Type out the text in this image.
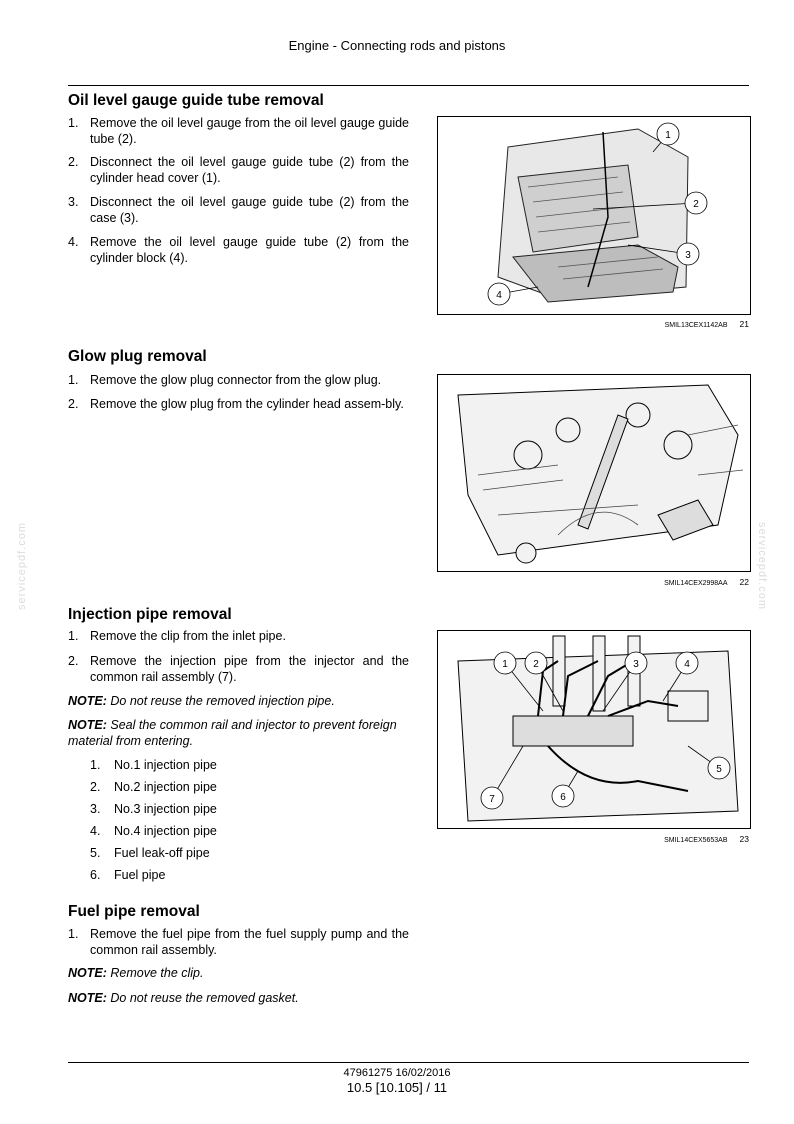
Engine - Connecting rods and pistons
Oil level gauge guide tube removal
1. Remove the oil level gauge from the oil level gauge guide tube (2).
2. Disconnect the oil level gauge guide tube (2) from the cylinder head cover (1).
3. Disconnect the oil level gauge guide tube (2) from the case (3).
4. Remove the oil level gauge guide tube (2) from the cylinder block (4).
1
2
3
4
SMIL13CEX1142AB 21
Glow plug removal
1. Remove the glow plug connector from the glow plug.
2. Remove the glow plug from the cylinder head assem-bly.
SMIL14CEX2998AA 22
Injection pipe removal
1. Remove the clip from the inlet pipe.
2. Remove the injection pipe from the injector and the common rail assembly (7).
NOTE: Do not reuse the removed injection pipe.
NOTE: Seal the common rail and injector to prevent foreign material from entering.
1. No.1 injection pipe
2. No.2 injection pipe
3. No.3 injection pipe
4. No.4 injection pipe
5. Fuel leak-off pipe
6. Fuel pipe
1	2	3	4
5
6
7
SMIL14CEX5653AB 23
Fuel pipe removal
1. Remove the fuel pipe from the fuel supply pump and the common rail assembly.
NOTE: Remove the clip.
NOTE: Do not reuse the removed gasket.
servicepdf.com	servicepdf.com
47961275 16/02/2016
10.5 [10.105] / 11
